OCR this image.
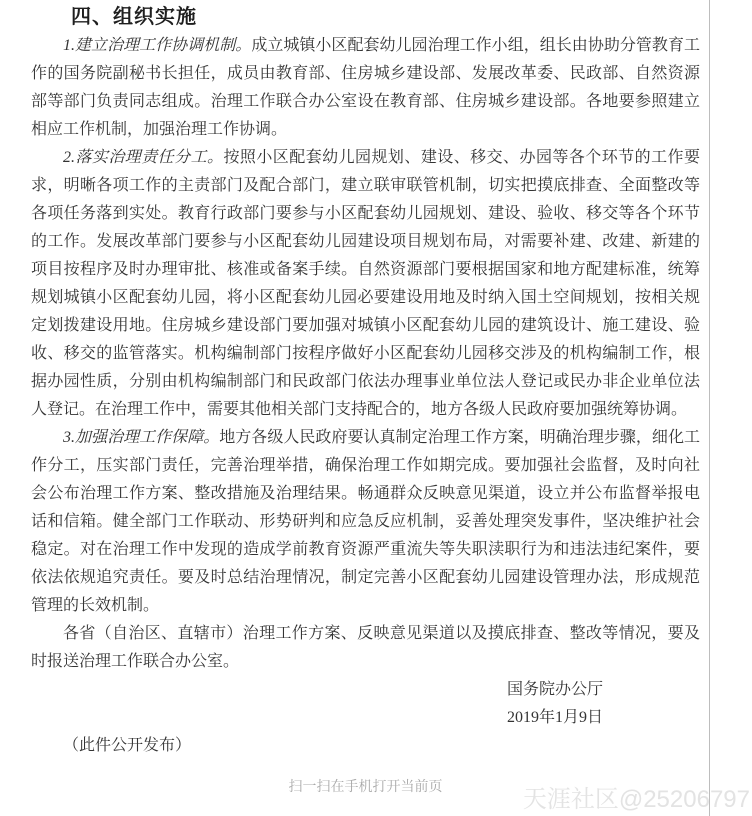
四、组织实施

1.建立治理工作协调机制。成立城镇小区配套幼儿园治理工作小组，组长由协助分管教育工作的国务院副秘书长担任，成员由教育部、住房城乡建设部、发展改革委、民政部、自然资源部等部门负责同志组成。治理工作联合办公室设在教育部、住房城乡建设部。各地要参照建立相应工作机制，加强治理工作协调。

2.落实治理责任分工。按照小区配套幼儿园规划、建设、移交、办园等各个环节的工作要求，明晰各项工作的主责部门及配合部门，建立联审联管机制，切实把摸底排查、全面整改等各项任务落到实处。教育行政部门要参与小区配套幼儿园规划、建设、验收、移交等各个环节的工作。发展改革部门要参与小区配套幼儿园建设项目规划布局，对需要补建、改建、新建的项目按程序及时办理审批、核准或备案手续。自然资源部门要根据国家和地方配建标准，统筹规划城镇小区配套幼儿园，将小区配套幼儿园必要建设用地及时纳入国土空间规划，按相关规定划拨建设用地。住房城乡建设部门要加强对城镇小区配套幼儿园的建筑设计、施工建设、验收、移交的监管落实。机构编制部门按程序做好小区配套幼儿园移交涉及的机构编制工作，根据办园性质，分别由机构编制部门和民政部门依法办理事业单位法人登记或民办非企业单位法人登记。在治理工作中，需要其他相关部门支持配合的，地方各级人民政府要加强统筹协调。

3.加强治理工作保障。地方各级人民政府要认真制定治理工作方案，明确治理步骤，细化工作分工，压实部门责任，完善治理举措，确保治理工作如期完成。要加强社会监督，及时向社会公布治理工作方案、整改措施及治理结果。畅通群众反映意见渠道，设立并公布监督举报电话和信箱。健全部门工作联动、形势研判和应急反应机制，妥善处理突发事件，坚决维护社会稳定。对在治理工作中发现的造成学前教育资源严重流失等失职渎职行为和违法违纪案件，要依法依规追究责任。要及时总结治理情况，制定完善小区配套幼儿园建设管理办法，形成规范管理的长效机制。

各省（自治区、直辖市）治理工作方案、反映意见渠道以及摸底排查、整改等情况，要及时报送治理工作联合办公室。

国务院办公厅
2019年1月9日

（此件公开发布）

扫一扫在手机打开当前页	天涯社区@25206797
